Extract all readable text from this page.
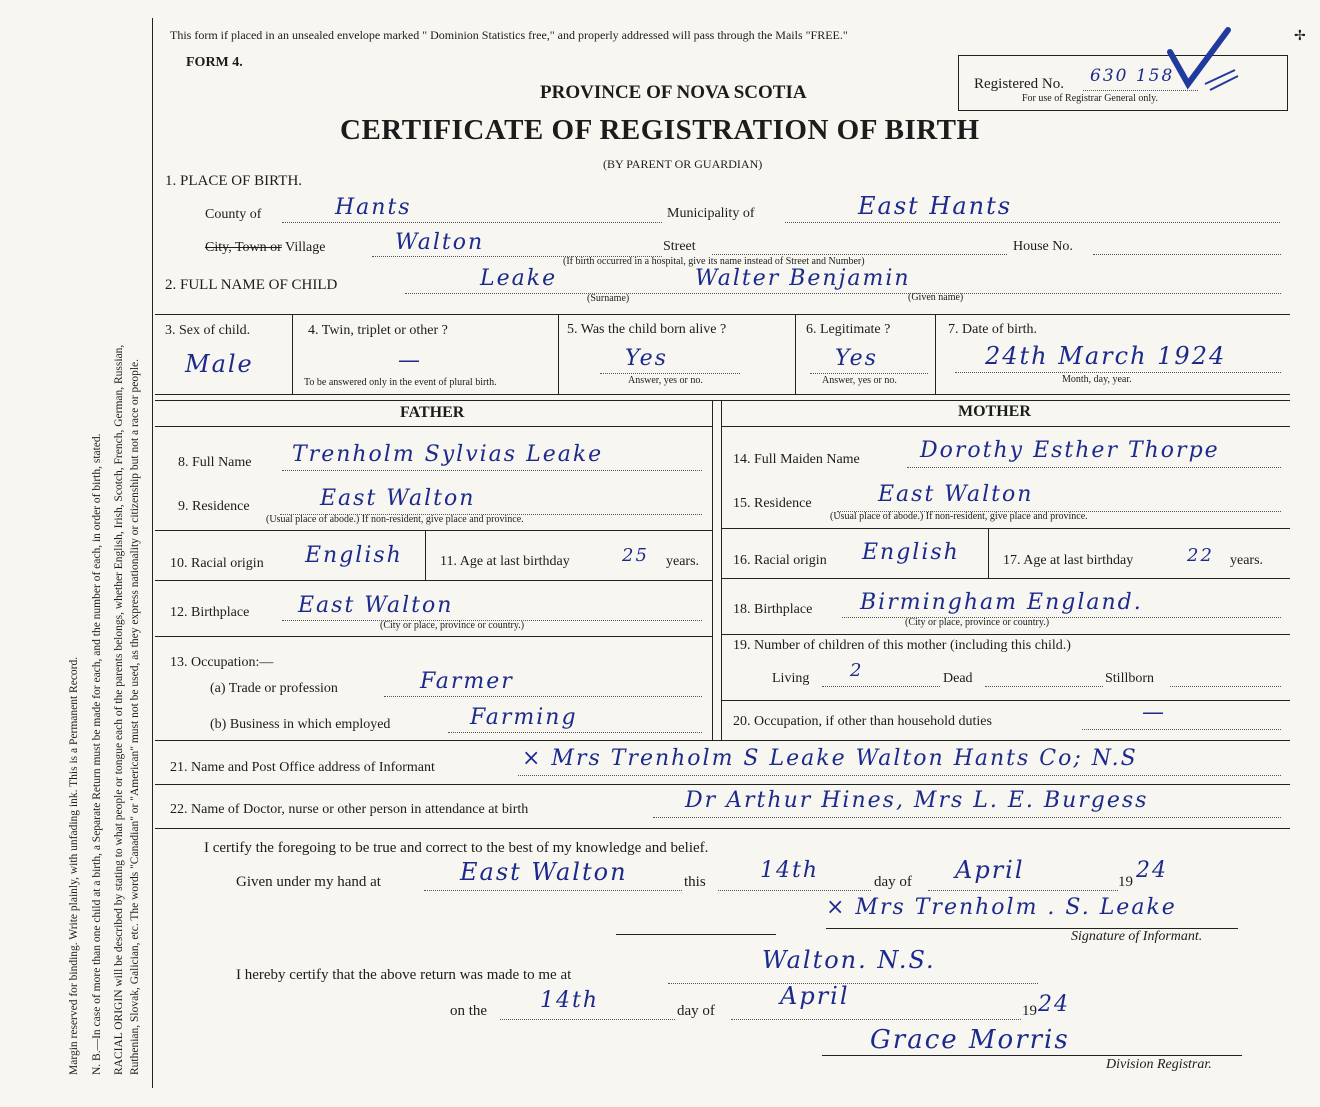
Margin reserved for binding. Write plainly, with unfading ink. This is a Permanent Record. N. B.—In case of more than one child at a birth, a Separate Return must be made for each, and the number of each, in order of birth, stated. RACIAL ORIGIN will be described by stating to what people or tongue each of the parents belongs, whether English, Irish, Scotch, French, German, Russian, Ruthenian, Slovak, Galician, etc. The words "Canadian" or "American" must not be used, as they express nationality or citizenship but not a race or people.
This form if placed in an unsealed envelope marked " Dominion Statistics free," and properly addressed will pass through the Mails "FREE."
FORM 4.
PROVINCE OF NOVA SCOTIA
CERTIFICATE OF REGISTRATION OF BIRTH
(BY PARENT OR GUARDIAN)
Registered No. 630 158
For use of Registrar General only.
✢
1. PLACE OF BIRTH.
County of	Hants	Municipality of	East Hants
City, Town or Village	Walton	Street	House No.
(If birth occurred in a hospital, give its name instead of Street and Number)
2. FULL NAME OF CHILD	Leake	Walter Benjamin
(Surname)	(Given name)
3. Sex of child.
Male
4. Twin, triplet or other ?
—
To be answered only in the event of plural birth.
5. Was the child born alive ?
Yes
Answer, yes or no.
6. Legitimate ?
Yes
Answer, yes or no.
7. Date of birth.
24th March 1924
Month, day, year.
FATHER	MOTHER
8. Full Name Trenholm Sylvias Leake
9. Residence	East Walton
(Usual place of abode.) If non-resident, give place and province.
10. Racial origin English	11. Age at last birthday	25 years.
12. Birthplace East Walton
(City or place, province or country.)
13. Occupation:—
(a) Trade or profession	Farmer
(b) Business in which employed	Farming
14. Full Maiden Name	Dorothy Esther Thorpe
15. Residence	East Walton
(Usual place of abode.) If non-resident, give place and province.
16. Racial origin English	17. Age at last birthday	22 years.
18. Birthplace Birmingham England.
(City or place, province or country.)
19. Number of children of this mother (including this child.)
Living 2	Dead	Stillborn
20. Occupation, if other than household duties	—
21. Name and Post Office address of Informant	× Mrs Trenholm S Leake Walton Hants Co; N.S
22. Name of Doctor, nurse or other person in attendance at birth	Dr Arthur Hines, Mrs L. E. Burgess
I certify the foregoing to be true and correct to the best of my knowledge and belief.
Given under my hand at	East Walton	this 14th	day of April	19 24
× Mrs Trenholm . S. Leake
Signature of Informant.
I hereby certify that the above return was made to me at
Walton. N.S.
on the 14th	day of
April
19 24
Grace Morris
Division Registrar.
